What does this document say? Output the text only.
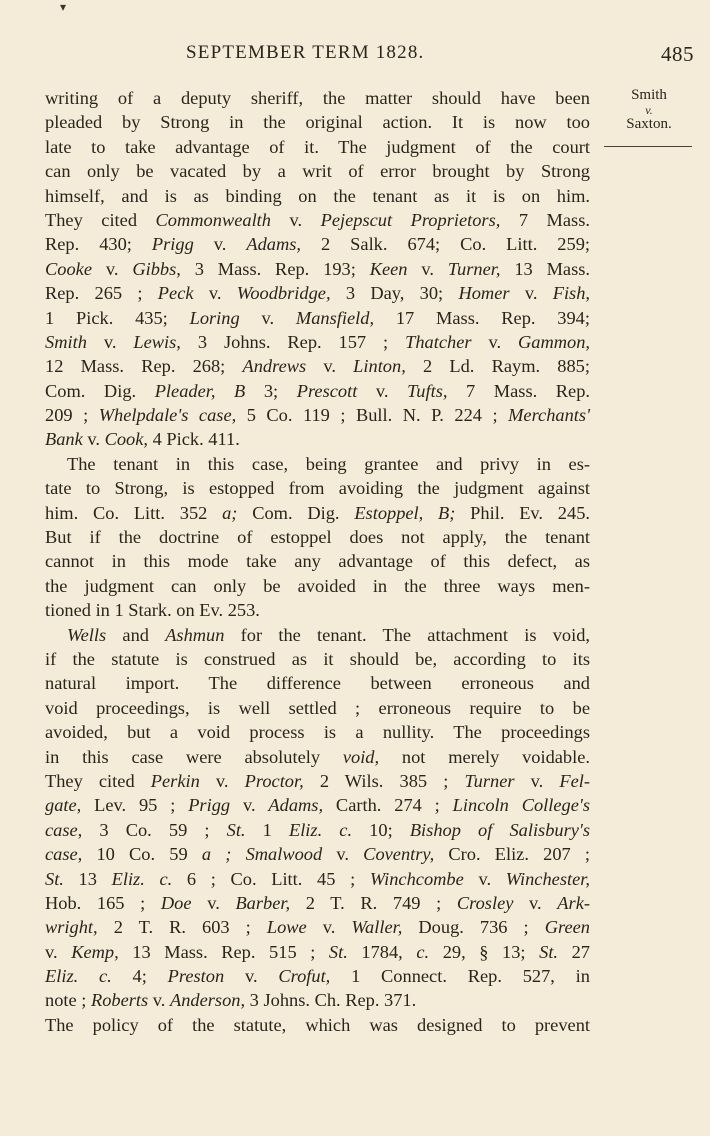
▾
SEPTEMBER TERM 1828.	485
Smith

v.
Saxton.
writing of a deputy sheriff, the matter should have been
pleaded by Strong in the original action. It is now too
late to take advantage of it. The judgment of the court
can only be vacated by a writ of error brought by Strong
himself, and is as binding on the tenant as it is on him.
They cited Commonwealth v. Pejepscut Proprietors, 7 Mass.
Rep. 430; Prigg v. Adams, 2 Salk. 674; Co. Litt. 259;
Cooke v. Gibbs, 3 Mass. Rep. 193; Keen v. Turner, 13 Mass.
Rep. 265 ; Peck v. Woodbridge, 3 Day, 30; Homer v. Fish,
1 Pick. 435; Loring v. Mansfield, 17 Mass. Rep. 394;
Smith v. Lewis, 3 Johns. Rep. 157 ; Thatcher v. Gammon,
12 Mass. Rep. 268; Andrews v. Linton, 2 Ld. Raym. 885;
Com. Dig. Pleader, B 3; Prescott v. Tufts, 7 Mass. Rep.
209 ; Whelpdale's case, 5 Co. 119 ; Bull. N. P. 224 ; Merchants'
Bank v. Cook, 4 Pick. 411.
The tenant in this case, being grantee and privy in es-
tate to Strong, is estopped from avoiding the judgment against
him. Co. Litt. 352 a; Com. Dig. Estoppel, B; Phil. Ev. 245.
But if the doctrine of estoppel does not apply, the tenant
cannot in this mode take any advantage of this defect, as
the judgment can only be avoided in the three ways men-
tioned in 1 Stark. on Ev. 253.
Wells and Ashmun for the tenant. The attachment is void,
if the statute is construed as it should be, according to its
natural import. The difference between erroneous and
void proceedings, is well settled ; erroneous require to be
avoided, but a void process is a nullity. The proceedings
in this case were absolutely void, not merely voidable.
They cited Perkin v. Proctor, 2 Wils. 385 ; Turner v. Fel-
gate, Lev. 95 ; Prigg v. Adams, Carth. 274 ; Lincoln College's
case, 3 Co. 59 ; St. 1 Eliz. c. 10; Bishop of Salisbury's
case, 10 Co. 59 a ; Smalwood v. Coventry, Cro. Eliz. 207 ;
St. 13 Eliz. c. 6 ; Co. Litt. 45 ; Winchcombe v. Winchester,
Hob. 165 ; Doe v. Barber, 2 T. R. 749 ; Crosley v. Ark-
wright, 2 T. R. 603 ; Lowe v. Waller, Doug. 736 ; Green
v. Kemp, 13 Mass. Rep. 515 ; St. 1784, c. 29, § 13; St. 27
Eliz. c. 4; Preston v. Crofut, 1 Connect. Rep. 527, in
note ; Roberts v. Anderson, 3 Johns. Ch. Rep. 371.
The policy of the statute, which was designed to prevent
